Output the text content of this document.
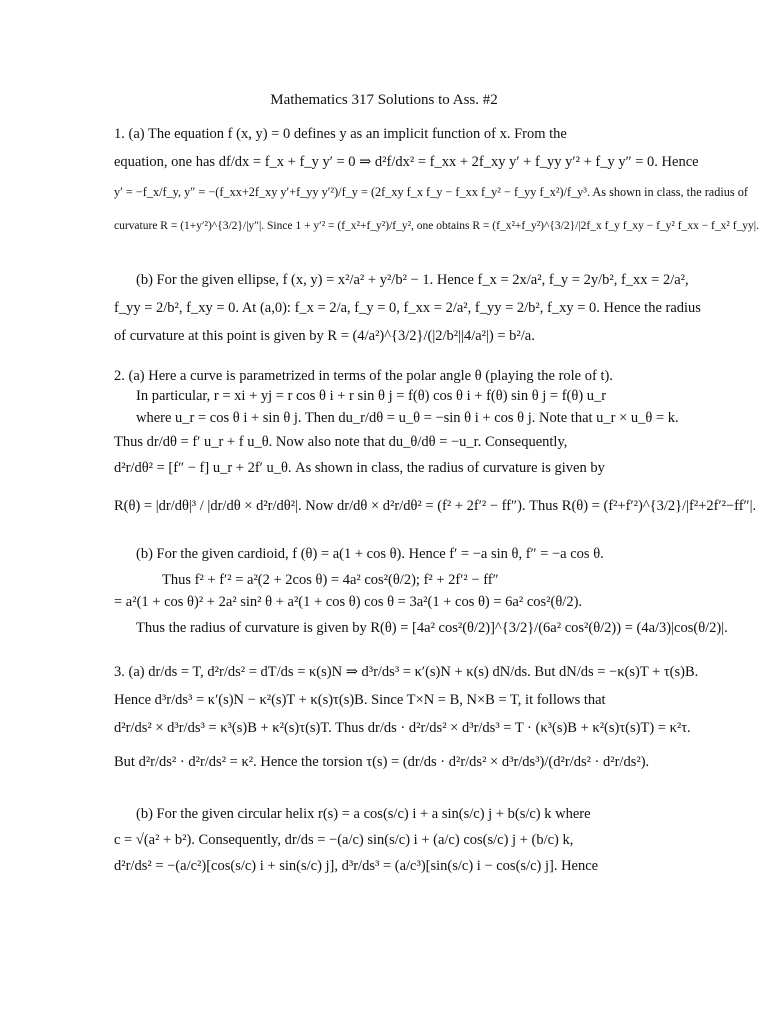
Mathematics 317 Solutions to Ass. #2
1. (a) The equation f (x, y) = 0 defines y as an implicit function of x. From the
equation, one has df/dx = f_x + f_y y′ = 0 ⇒ d²f/dx² = f_xx + 2f_xy y′ + f_yy y′² + f_y y″ = 0. Hence
y′ = −f_x/f_y, y″ = −(f_xx+2f_xy y′+f_yy y′²)/f_y = (2f_xy f_x f_y − f_xx f_y² − f_yy f_x²)/f_y³. As shown in class, the radius of
curvature R = (1+y′²)^{3/2}/|y″|. Since 1 + y′² = (f_x²+f_y²)/f_y², one obtains R = (f_x²+f_y²)^{3/2}/|2f_x f_y f_xy − f_y² f_xx − f_x² f_yy|.
(b) For the given ellipse, f (x, y) = x²/a² + y²/b² − 1. Hence f_x = 2x/a², f_y = 2y/b², f_xx = 2/a²,
f_yy = 2/b², f_xy = 0. At (a,0): f_x = 2/a, f_y = 0, f_xx = 2/a², f_yy = 2/b², f_xy = 0. Hence the radius
of curvature at this point is given by R = (4/a²)^{3/2}/(|2/b²||4/a²|) = b²/a.
2. (a) Here a curve is parametrized in terms of the polar angle θ (playing the role of t).
In particular, r = xi + yj = r cos θ i + r sin θ j = f(θ) cos θ i + f(θ) sin θ j = f(θ) u_r
where u_r = cos θ i + sin θ j. Then du_r/dθ = u_θ = −sin θ i + cos θ j. Note that u_r × u_θ = k.
Thus dr/dθ = f′ u_r + f u_θ. Now also note that du_θ/dθ = −u_r. Consequently,
d²r/dθ² = [f″ − f] u_r + 2f′ u_θ. As shown in class, the radius of curvature is given by
R(θ) = |dr/dθ|³ / |dr/dθ × d²r/dθ²|. Now dr/dθ × d²r/dθ² = (f² + 2f′² − ff″). Thus R(θ) = (f²+f′²)^{3/2}/|f²+2f′²−ff″|.
(b) For the given cardioid, f (θ) = a(1 + cos θ). Hence f′ = −a sin θ, f″ = −a cos θ.
Thus f² + f′² = a²(2 + 2cos θ) = 4a² cos²(θ/2); f² + 2f′² − ff″
= a²(1 + cos θ)² + 2a² sin² θ + a²(1 + cos θ) cos θ = 3a²(1 + cos θ) = 6a² cos²(θ/2).
Thus the radius of curvature is given by R(θ) = [4a² cos²(θ/2)]^{3/2}/(6a² cos²(θ/2)) = (4a/3)|cos(θ/2)|.
3. (a) dr/ds = T, d²r/ds² = dT/ds = κ(s)N ⇒ d³r/ds³ = κ′(s)N + κ(s) dN/ds. But dN/ds = −κ(s)T + τ(s)B.
Hence d³r/ds³ = κ′(s)N − κ²(s)T + κ(s)τ(s)B. Since T×N = B, N×B = T, it follows that
d²r/ds² × d³r/ds³ = κ³(s)B + κ²(s)τ(s)T. Thus dr/ds · d²r/ds² × d³r/ds³ = T · (κ³(s)B + κ²(s)τ(s)T) = κ²τ.
But d²r/ds² · d²r/ds² = κ². Hence the torsion τ(s) = (dr/ds · d²r/ds² × d³r/ds³)/(d²r/ds² · d²r/ds²).
(b) For the given circular helix r(s) = a cos(s/c) i + a sin(s/c) j + b(s/c) k where
c = √(a² + b²). Consequently, dr/ds = −(a/c) sin(s/c) i + (a/c) cos(s/c) j + (b/c) k,
d²r/ds² = −(a/c²)[cos(s/c) i + sin(s/c) j], d³r/ds³ = (a/c³)[sin(s/c) i − cos(s/c) j]. Hence
